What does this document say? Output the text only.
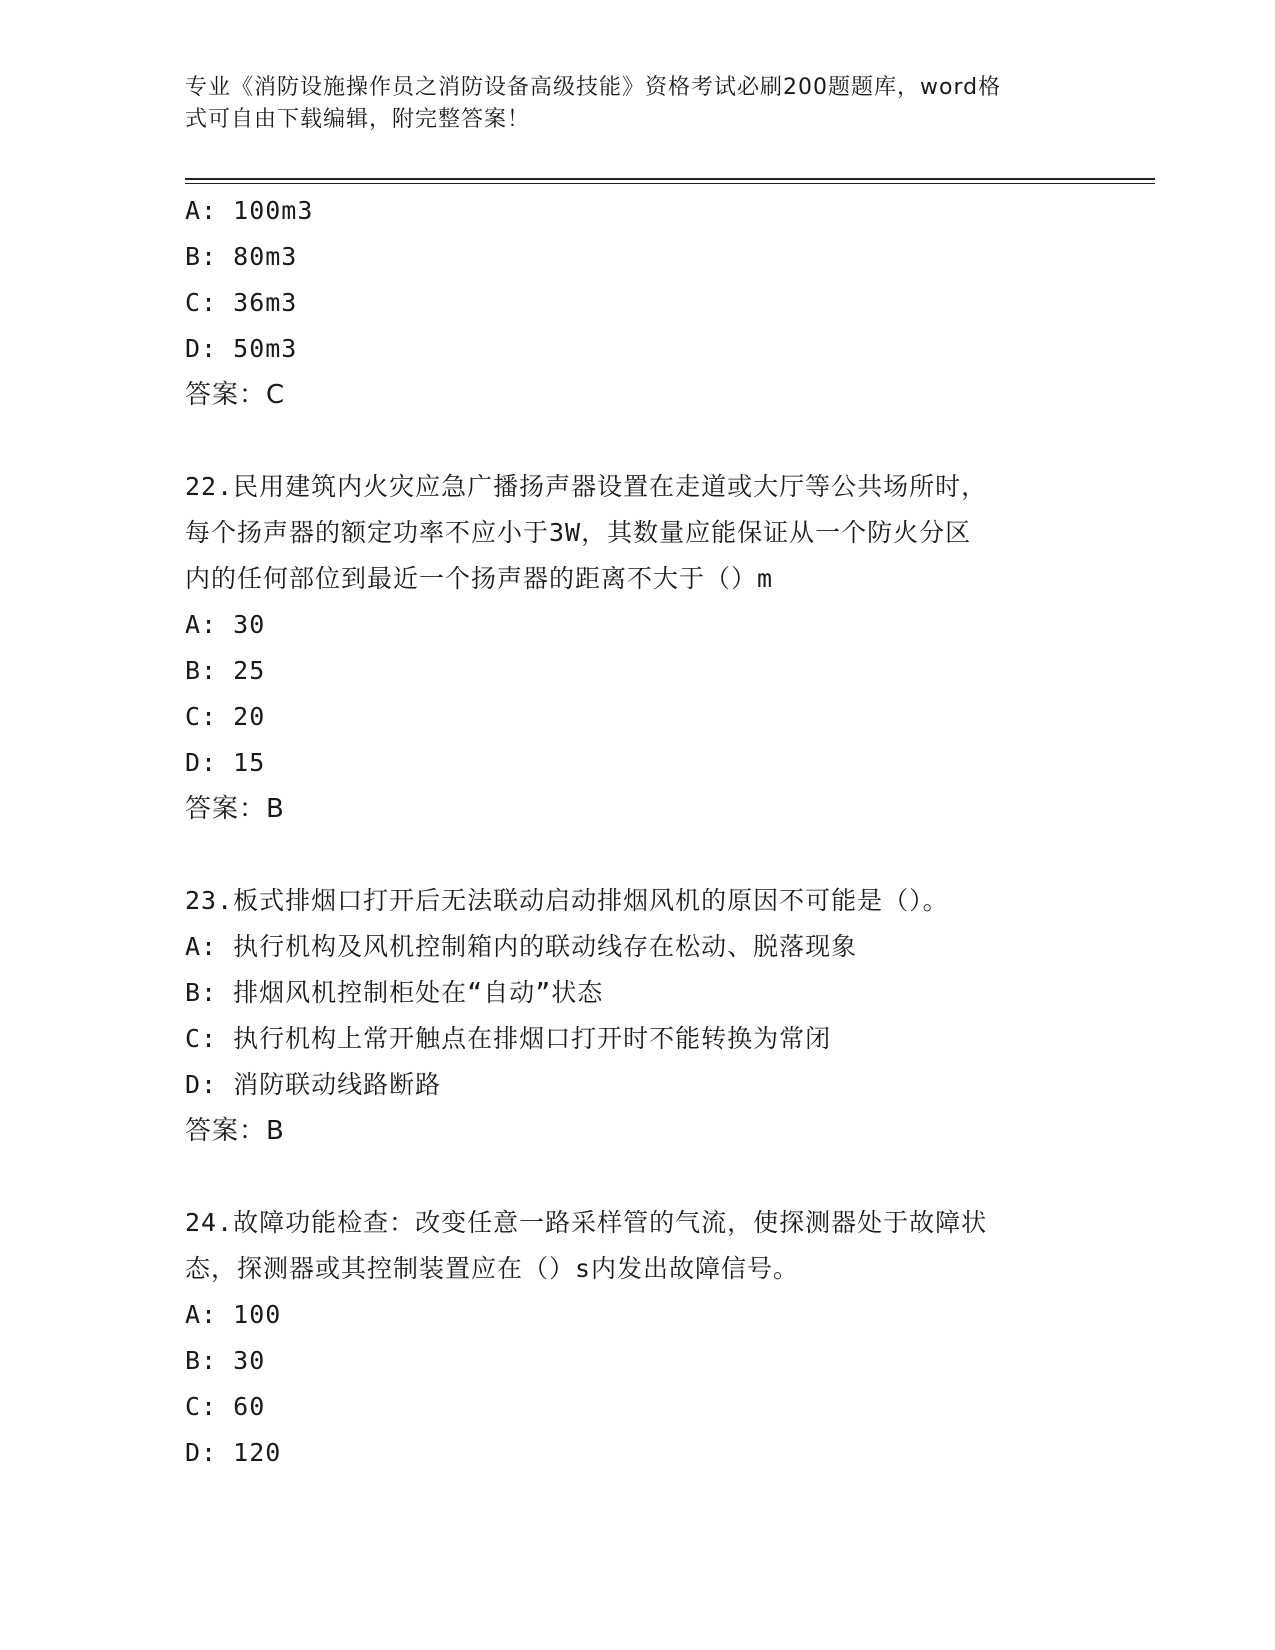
专业《消防设施操作员之消防设备高级技能》资格考试必刷200题题库，word格
式可自由下载编辑，附完整答案！
A: 100m3
B: 80m3
C: 36m3
D: 50m3
答案：C
22.民用建筑内火灾应急广播扬声器设置在走道或大厅等公共场所时，
每个扬声器的额定功率不应小于3W，其数量应能保证从一个防火分区
内的任何部位到最近一个扬声器的距离不大于（）m
A: 30
B: 25
C: 20
D: 15
答案：B
23.板式排烟口打开后无法联动启动排烟风机的原因不可能是（）。
A: 执行机构及风机控制箱内的联动线存在松动、脱落现象
B: 排烟风机控制柜处在“自动”状态
C: 执行机构上常开触点在排烟口打开时不能转换为常闭
D: 消防联动线路断路
答案：B
24.故障功能检查：改变任意一路采样管的气流，使探测器处于故障状
态，探测器或其控制装置应在（）s内发出故障信号。
A: 100
B: 30
C: 60
D: 120
